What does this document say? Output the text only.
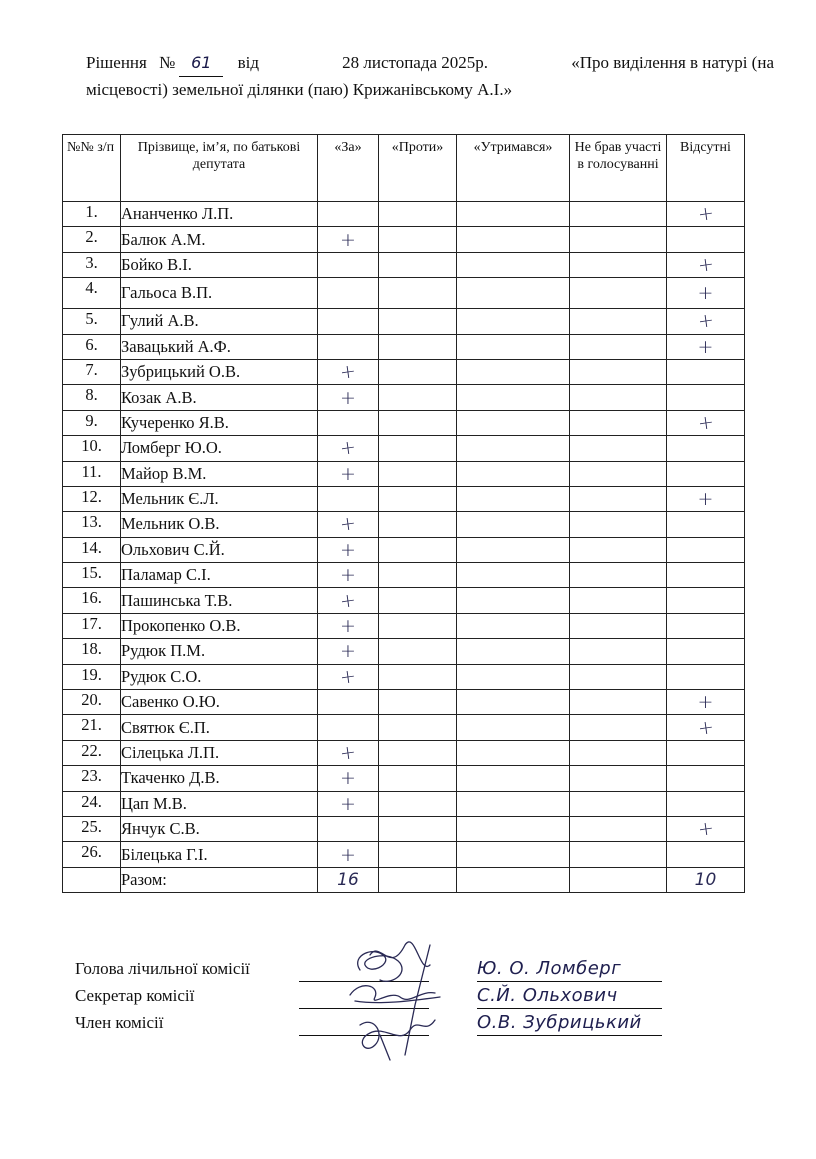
Рішення № 61 від	28 листопада 2025р.	«Про виділення в натурі (на
місцевості) земельної ділянки (паю) Крижанівському А.І.»
№№ з/п	Прізвище, ім’я, по батькові депутата	«За»	«Проти»	«Утримався»	Не брав участі в голосуванні	Відсутні
1.	Ананченко Л.П.					+
2.	Балюк А.М.	+				
3.	Бойко В.І.					+
4.	Гальоса В.П.					+
5.	Гулий А.В.					+
6.	Завацький А.Ф.					+
7.	Зубрицький О.В.	+				
8.	Козак А.В.	+				
9.	Кучеренко Я.В.					+
10.	Ломберг Ю.О.	+				
11.	Майор В.М.	+				
12.	Мельник Є.Л.					+
13.	Мельник О.В.	+				
14.	Ольхович С.Й.	+				
15.	Паламар С.І.	+				
16.	Пашинська Т.В.	+				
17.	Прокопенко О.В.	+				
18.	Рудюк П.М.	+				
19.	Рудюк С.О.	+				
20.	Савенко О.Ю.					+
21.	Святюк Є.П.					+
22.	Сілецька Л.П.	+				
23.	Ткаченко Д.В.	+				
24.	Цап М.В.	+				
25.	Янчук С.В.					+
26.	Білецька Г.І.	+				
	Разом:	16				10
Голова лічильної комісії	Ю. О. Ломберг
Секретар комісії	С.Й. Ольхович
Член комісії	О.В. Зубрицький
